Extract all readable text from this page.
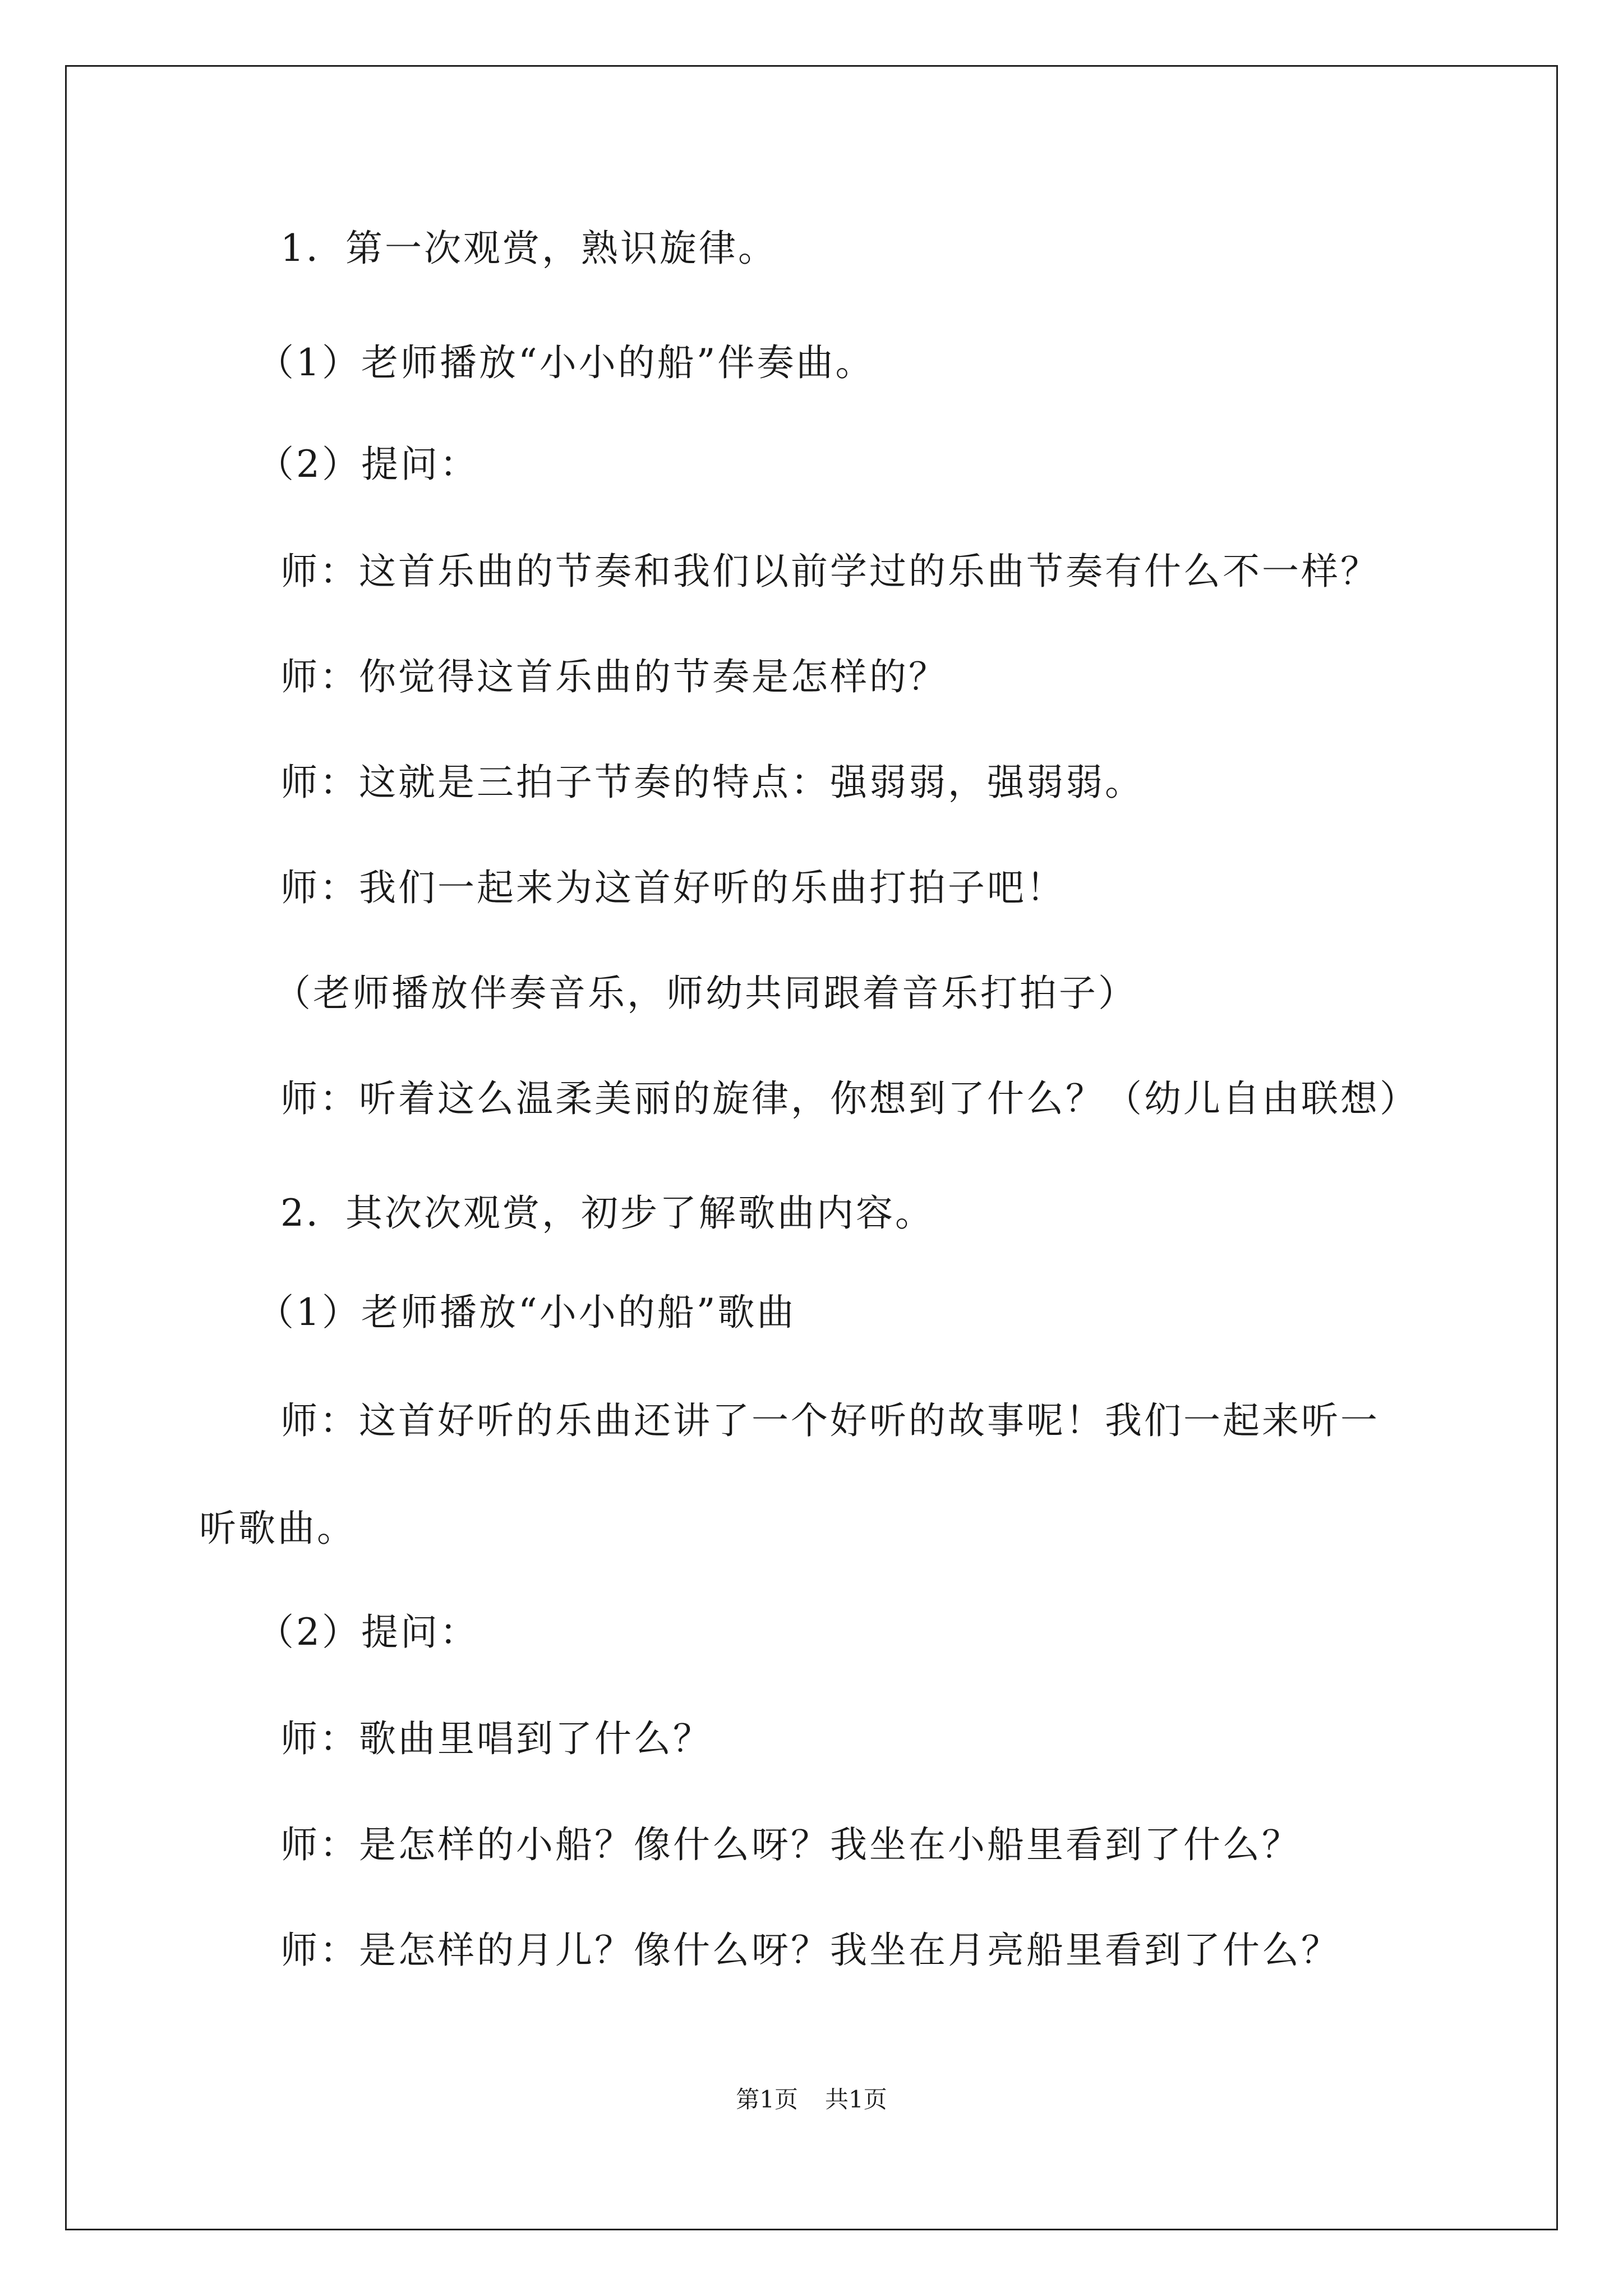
1．第一次观赏，熟识旋律。
（1）老师播放“小小的船”伴奏曲。
（2）提问：
师：这首乐曲的节奏和我们以前学过的乐曲节奏有什么不一样？
师：你觉得这首乐曲的节奏是怎样的？
师：这就是三拍子节奏的特点：强弱弱，强弱弱。
师：我们一起来为这首好听的乐曲打拍子吧！
（老师播放伴奏音乐，师幼共同跟着音乐打拍子）
师：听着这么温柔美丽的旋律，你想到了什么？（幼儿自由联想）
2．其次次观赏，初步了解歌曲内容。
（1）老师播放“小小的船”歌曲
师：这首好听的乐曲还讲了一个好听的故事呢！我们一起来听一
听歌曲。
（2）提问：
师：歌曲里唱到了什么？
师：是怎样的小船？像什么呀？我坐在小船里看到了什么？
师：是怎样的月儿？像什么呀？我坐在月亮船里看到了什么？
第1页 共1页
